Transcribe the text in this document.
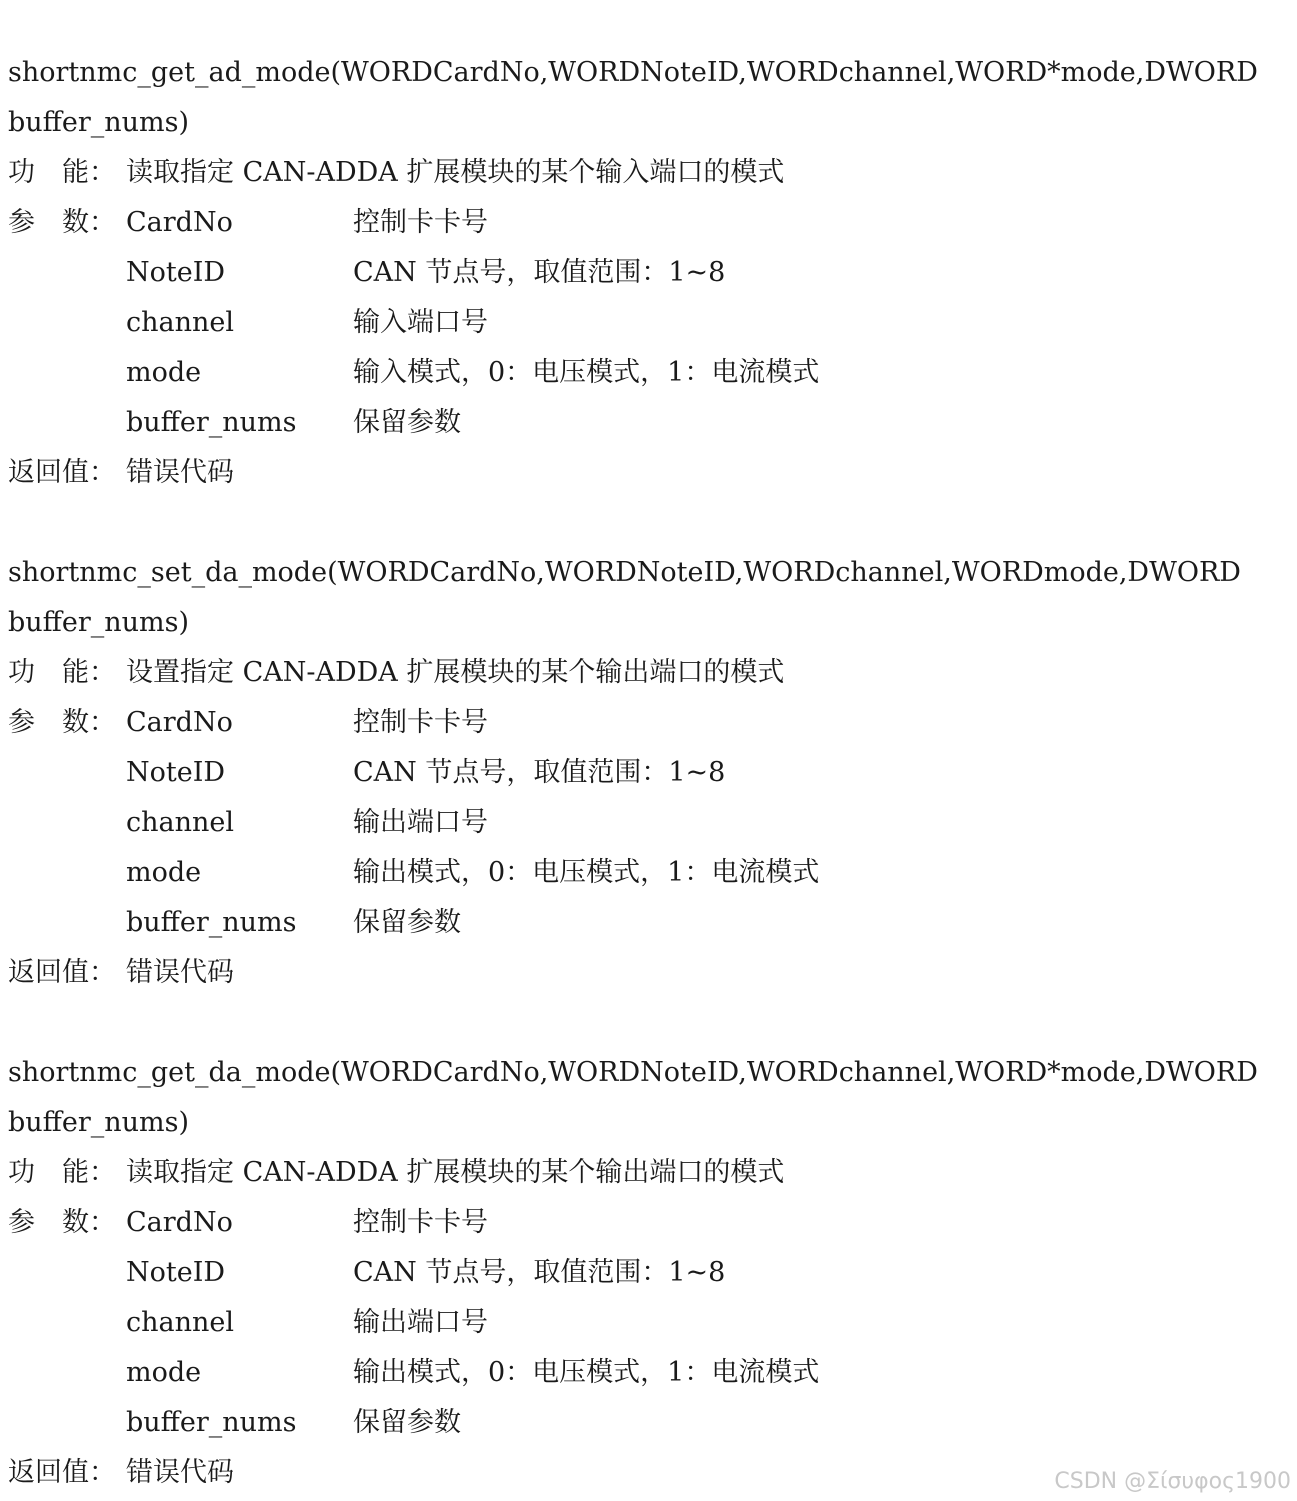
short nmc_get_ad_mode(WORD CardNo,WORD NoteID,WORD channel,WORD* mode,DWORD
buffer_nums)
功　能： 读取指定 CAN-ADDA 扩展模块的某个输入端口的模式
参　数： CardNo	控制卡卡号
NoteID	CAN 节点号，取值范围：1~8
channel	输入端口号
mode	输入模式，0：电压模式，1：电流模式
buffer_nums 保留参数
返回值： 错误代码
short nmc_set_da_mode(WORD CardNo,WORD NoteID,WORD channel,WORD mode,DWORD
buffer_nums)
功　能： 设置指定 CAN-ADDA 扩展模块的某个输出端口的模式
参　数： CardNo	控制卡卡号
NoteID	CAN 节点号，取值范围：1~8
channel	输出端口号
mode	输出模式，0：电压模式，1：电流模式
buffer_nums 保留参数
返回值： 错误代码
short nmc_get_da_mode(WORD CardNo,WORD NoteID,WORD channel,WORD* mode,DWORD
buffer_nums)
功　能： 读取指定 CAN-ADDA 扩展模块的某个输出端口的模式
参　数： CardNo	控制卡卡号
NoteID	CAN 节点号，取值范围：1~8
channel	输出端口号
mode	输出模式，0：电压模式，1：电流模式
buffer_nums 保留参数
返回值： 错误代码	CSDN @Σίσυφος1900
